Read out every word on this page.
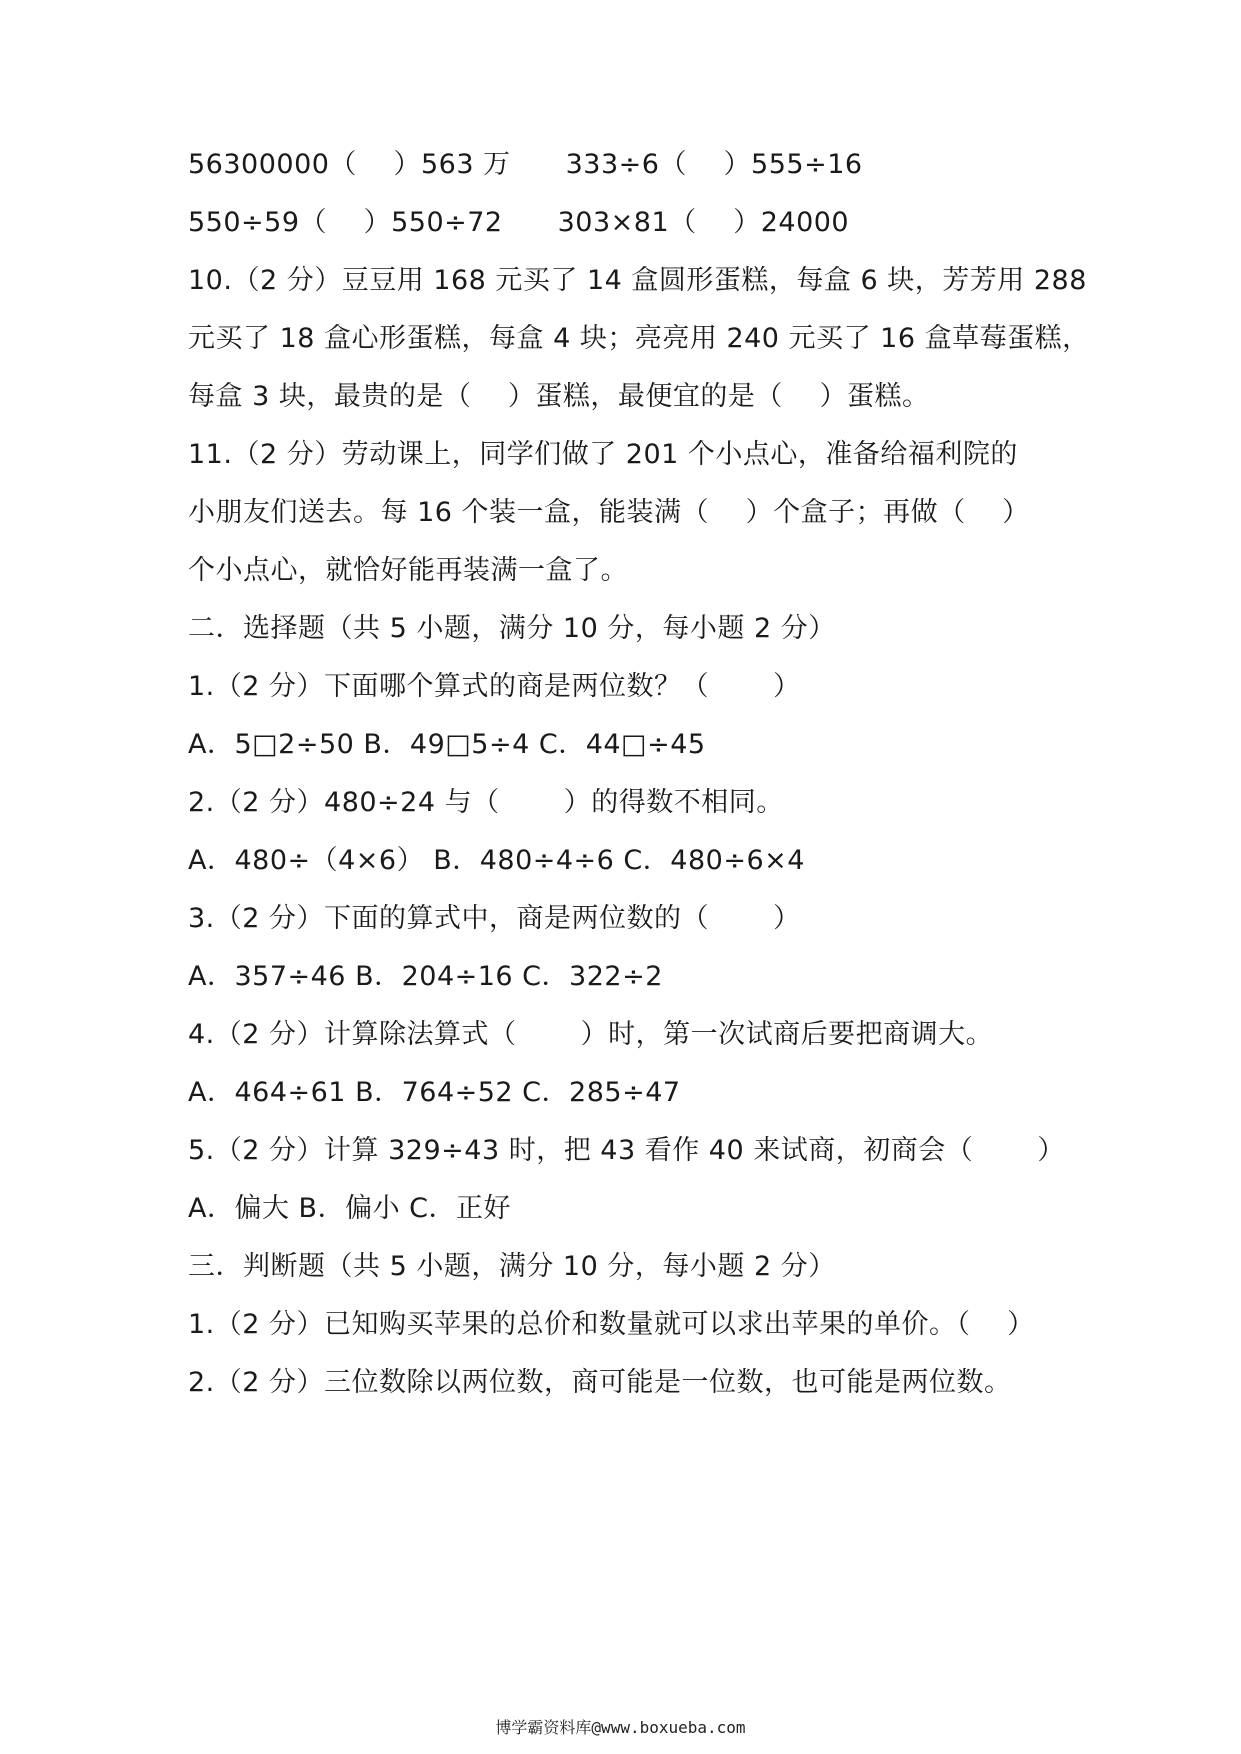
56300000（　 ）563 万　　333÷6（　 ）555÷16
550÷59（　 ）550÷72　　303×81（　 ）24000
10.（2 分）豆豆用 168 元买了 14 盒圆形蛋糕，每盒 6 块，芳芳用 288
元买了 18 盒心形蛋糕，每盒 4 块；亮亮用 240 元买了 16 盒草莓蛋糕，
每盒 3 块，最贵的是（　 ）蛋糕，最便宜的是（　 ）蛋糕。
11.（2 分）劳动课上，同学们做了 201 个小点心，准备给福利院的
小朋友们送去。每 16 个装一盒，能装满（　 ）个盒子；再做（　 ）
个小点心，就恰好能再装满一盒了。
二．选择题（共 5 小题，满分 10 分，每小题 2 分）
1.（2 分）下面哪个算式的商是两位数？（　　 ）
A．5□2÷50 B．49□5÷4 C．44□÷45
2.（2 分）480÷24 与（　　 ）的得数不相同。
A．480÷（4×6） B．480÷4÷6 C．480÷6×4
3.（2 分）下面的算式中，商是两位数的（　　 ）
A．357÷46 B．204÷16 C．322÷2
4.（2 分）计算除法算式（　　 ）时，第一次试商后要把商调大。
A．464÷61 B．764÷52 C．285÷47
5.（2 分）计算 329÷43 时，把 43 看作 40 来试商，初商会（　　 ）
A．偏大 B．偏小 C．正好
三．判断题（共 5 小题，满分 10 分，每小题 2 分）
1.（2 分）已知购买苹果的总价和数量就可以求出苹果的单价。（　 ）
2.（2 分）三位数除以两位数，商可能是一位数，也可能是两位数。
博学霸资料库@www.boxueba.com
